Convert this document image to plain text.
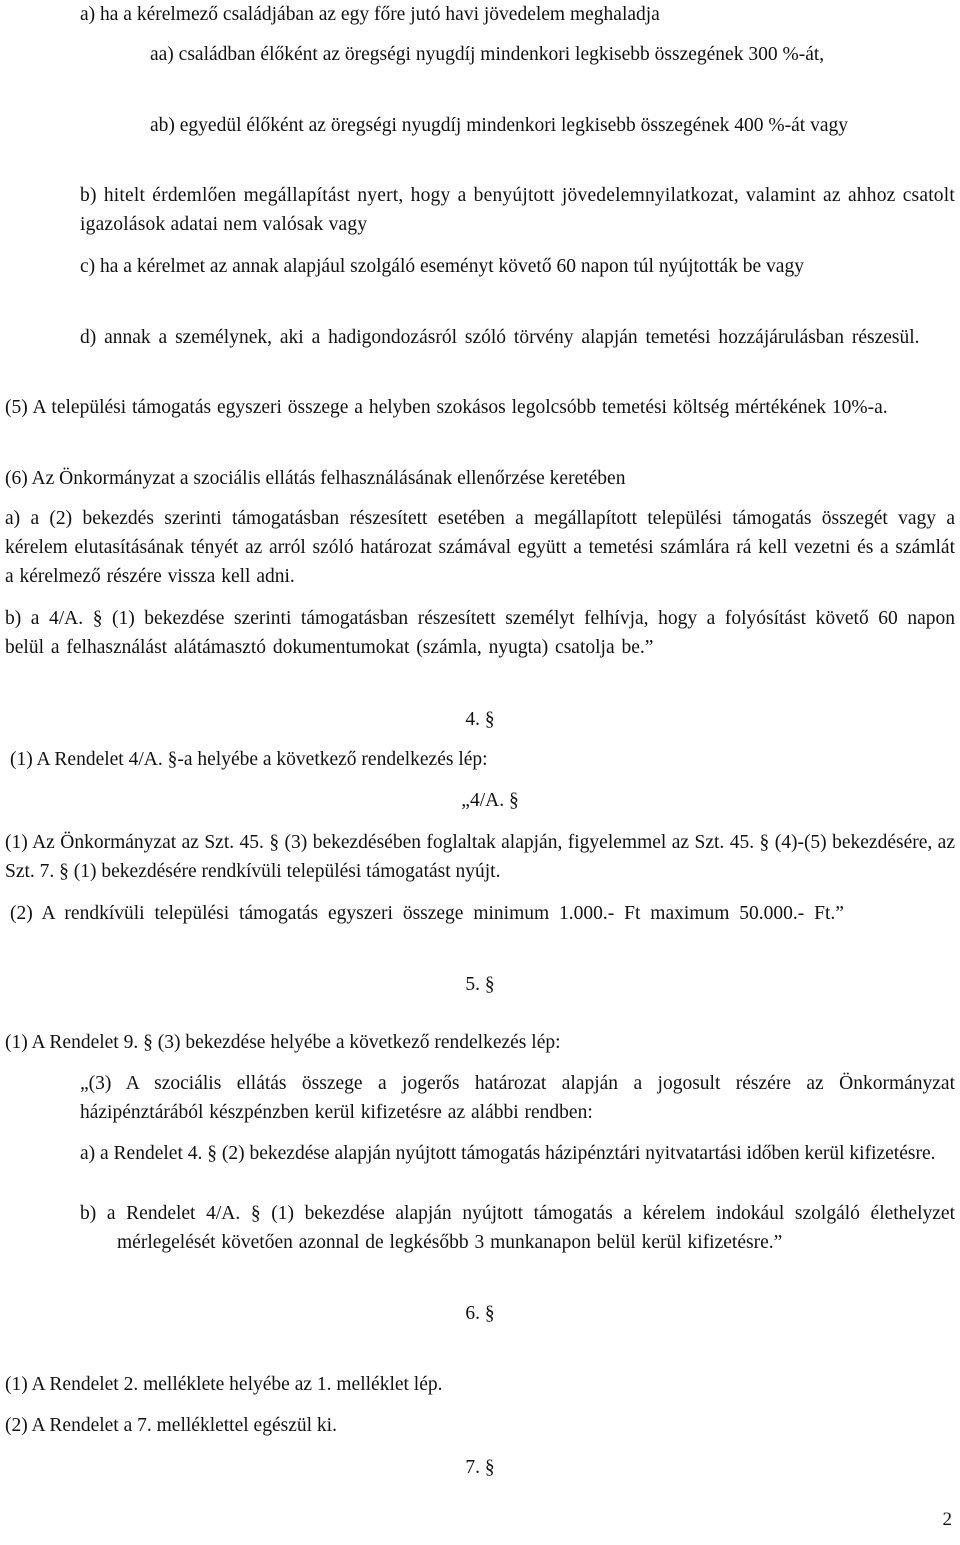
a) ha a kérelmező családjában az egy főre jutó havi jövedelem meghaladja

aa) családban élőként az öregségi nyugdíj mindenkori legkisebb összegének 300 %-át,

ab) egyedül élőként az öregségi nyugdíj mindenkori legkisebb összegének 400 %-át vagy

b) hitelt érdemlően megállapítást nyert, hogy a benyújtott jövedelemnyilatkozat, valamint az ahhoz csatolt igazolások adatai nem valósak vagy

c) ha a kérelmet az annak alapjául szolgáló eseményt követő 60 napon túl nyújtották be vagy

d) annak a személynek, aki a hadigondozásról szóló törvény alapján temetési hozzájárulásban részesül.

(5) A települési támogatás egyszeri összege a helyben szokásos legolcsóbb temetési költség mértékének 10%-a.

(6) Az Önkormányzat a szociális ellátás felhasználásának ellenőrzése keretében

a) a (2) bekezdés szerinti támogatásban részesített esetében a megállapított települési támogatás összegét vagy a kérelem elutasításának tényét az arról szóló határozat számával együtt a temetési számlára rá kell vezetni és a számlát a kérelmező részére vissza kell adni.

b) a 4/A. § (1) bekezdése szerinti támogatásban részesített személyt felhívja, hogy a folyósítást követő 60 napon belül a felhasználást alátámasztó dokumentumokat (számla, nyugta) csatolja be.”

4. §

(1) A Rendelet 4/A. §-a helyébe a következő rendelkezés lép:

„4/A. §

(1) Az Önkormányzat az Szt. 45. § (3) bekezdésében foglaltak alapján, figyelemmel az Szt. 45. § (4)-(5) bekezdésére, az Szt. 7. § (1) bekezdésére rendkívüli települési támogatást nyújt.

(2) A rendkívüli települési támogatás egyszeri összege minimum 1.000.- Ft maximum 50.000.- Ft.”

5. §

(1) A Rendelet 9. § (3) bekezdése helyébe a következő rendelkezés lép:

„(3) A szociális ellátás összege a jogerős határozat alapján a jogosult részére az Önkormányzat házipénztárából készpénzben kerül kifizetésre az alábbi rendben:

a) a Rendelet 4. § (2) bekezdése alapján nyújtott támogatás házipénztári nyitvatartási időben kerül kifizetésre.

b) a Rendelet 4/A. § (1) bekezdése alapján nyújtott támogatás a kérelem indokául szolgáló élethelyzet mérlegelését követően azonnal de legkésőbb 3 munkanapon belül kerül kifizetésre.”

6. §

(1) A Rendelet 2. melléklete helyébe az 1. melléklet lép.

(2) A Rendelet a 7. melléklettel egészül ki.

7. §

2
